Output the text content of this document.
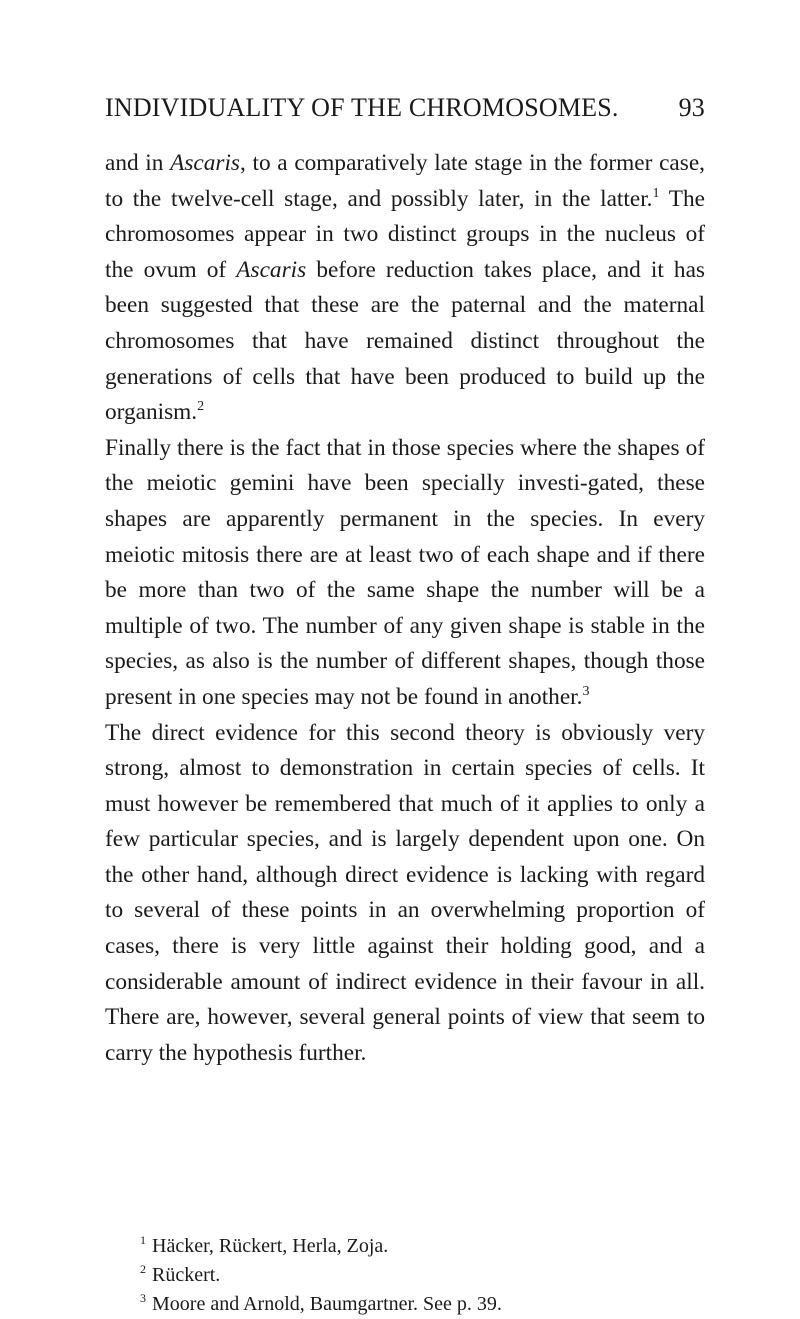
INDIVIDUALITY OF THE CHROMOSOMES. 93

and in Ascaris, to a comparatively late stage in the former case, to the twelve-cell stage, and possibly later, in the latter.$^1$ The chromosomes appear in two distinct groups in the nucleus of the ovum of Ascaris before reduction takes place, and it has been suggested that these are the paternal and the maternal chromosomes that have remained distinct throughout the generations of cells that have been produced to build up the organism.$^2$

Finally there is the fact that in those species where the shapes of the meiotic gemini have been specially investi-gated, these shapes are apparently permanent in the species. In every meiotic mitosis there are at least two of each shape and if there be more than two of the same shape the number will be a multiple of two. The number of any given shape is stable in the species, as also is the number of different shapes, though those present in one species may not be found in another.$^3$

The direct evidence for this second theory is obviously very strong, almost to demonstration in certain species of cells. It must however be remembered that much of it applies to only a few particular species, and is largely dependent upon one. On the other hand, although direct evidence is lacking with regard to several of these points in an overwhelming proportion of cases, there is very little against their holding good, and a considerable amount of indirect evidence in their favour in all. There are, however, several general points of view that seem to carry the hypothesis further.

$^1$ Häcker, Rückert, Herla, Zoja.
$^2$ Rückert.
$^3$ Moore and Arnold, Baumgartner. See p. 39.
